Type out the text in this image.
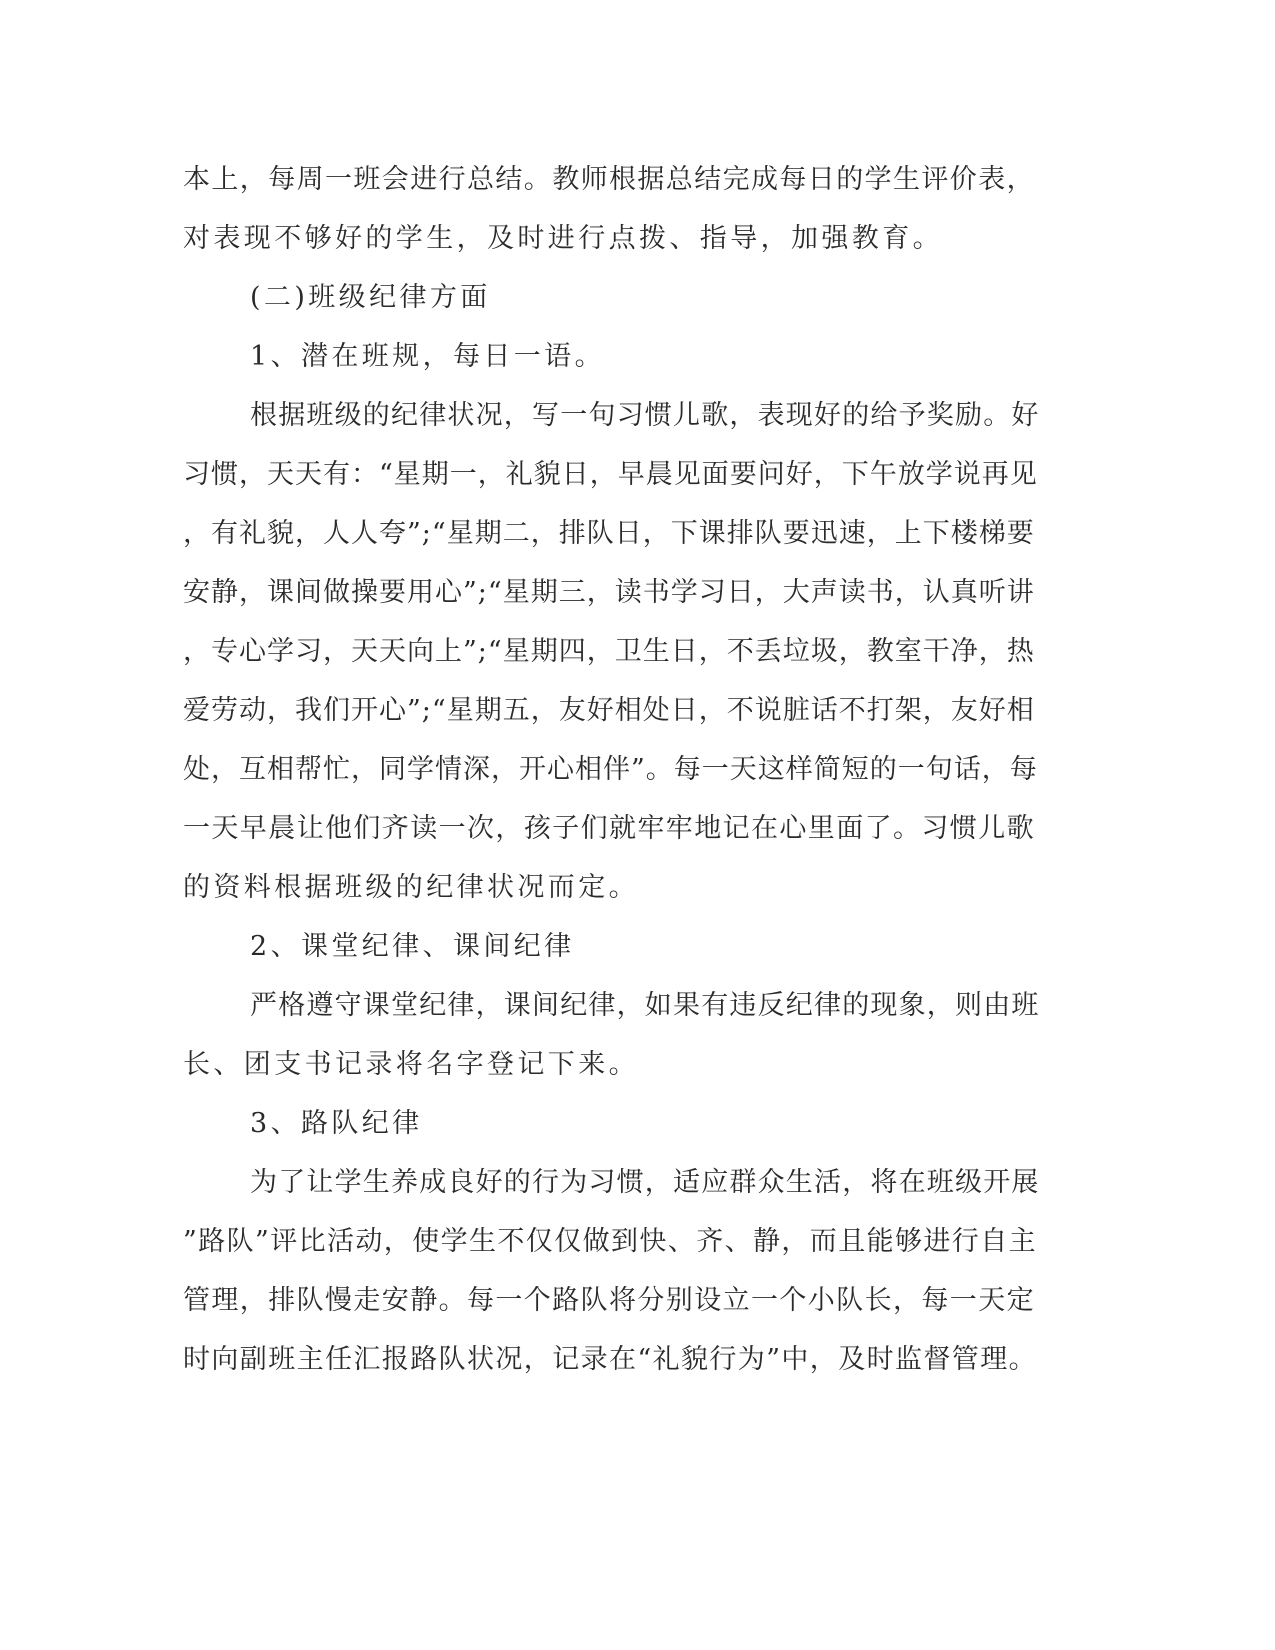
本上，每周一班会进行总结。教师根据总结完成每日的学生评价表，
对表现不够好的学生，及时进行点拨、指导，加强教育。
(二)班级纪律方面
1、潜在班规，每日一语。
根据班级的纪律状况，写一句习惯儿歌，表现好的给予奖励。好
习惯，天天有：“星期一，礼貌日，早晨见面要问好，下午放学说再见
，有礼貌，人人夸”;“星期二，排队日，下课排队要迅速，上下楼梯要
安静，课间做操要用心”;“星期三，读书学习日，大声读书，认真听讲
，专心学习，天天向上”;“星期四，卫生日，不丢垃圾，教室干净，热
爱劳动，我们开心”;“星期五，友好相处日，不说脏话不打架，友好相
处，互相帮忙，同学情深，开心相伴”。每一天这样简短的一句话，每
一天早晨让他们齐读一次，孩子们就牢牢地记在心里面了。习惯儿歌
的资料根据班级的纪律状况而定。
2、课堂纪律、课间纪律
严格遵守课堂纪律，课间纪律，如果有违反纪律的现象，则由班
长、团支书记录将名字登记下来。
3、路队纪律
为了让学生养成良好的行为习惯，适应群众生活，将在班级开展
”路队”评比活动，使学生不仅仅做到快、齐、静，而且能够进行自主
管理，排队慢走安静。每一个路队将分别设立一个小队长，每一天定
时向副班主任汇报路队状况，记录在“礼貌行为”中，及时监督管理。
